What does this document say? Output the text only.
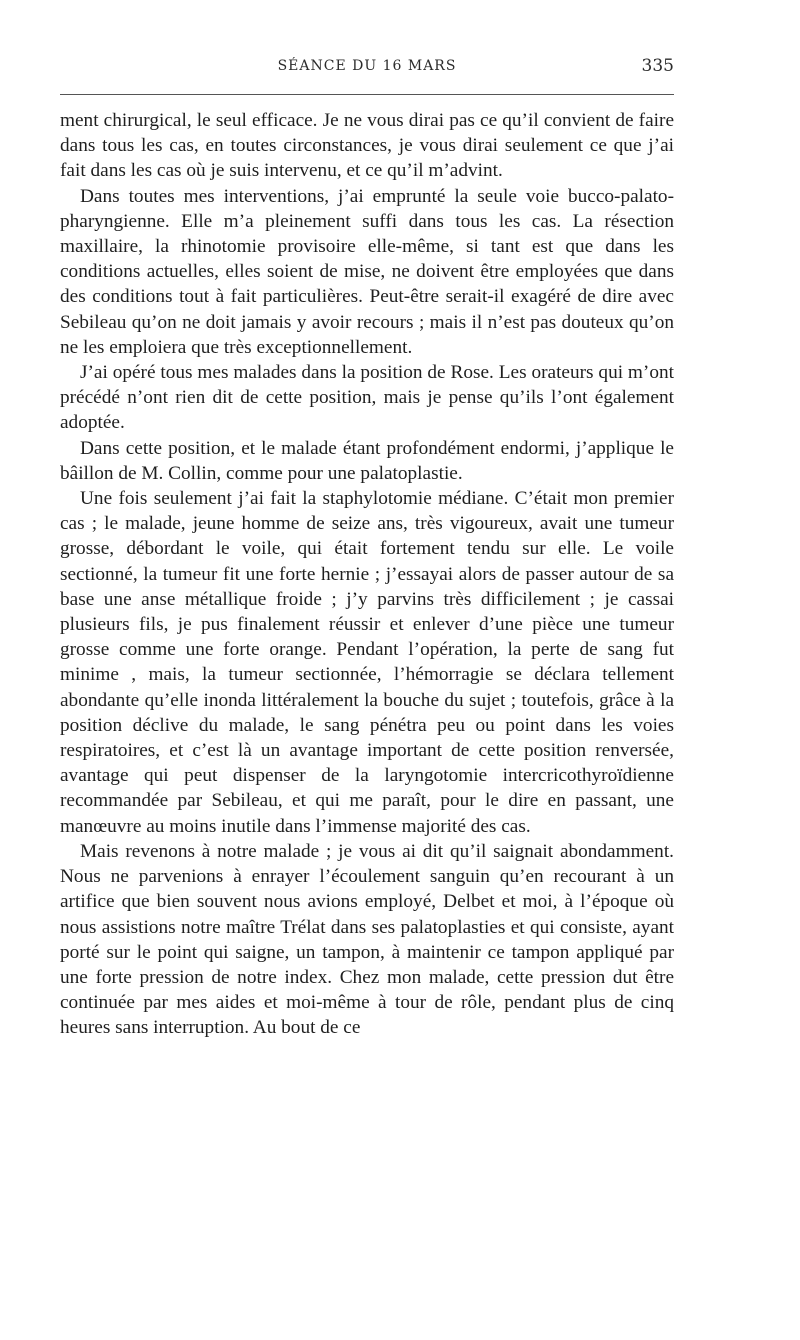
SÉANCE DU 16 MARS	335

ment chirurgical, le seul efficace. Je ne vous dirai pas ce qu’il convient de faire dans tous les cas, en toutes circonstances, je vous dirai seulement ce que j’ai fait dans les cas où je suis intervenu, et ce qu’il m’advint.

Dans toutes mes interventions, j’ai emprunté la seule voie bucco-palato-pharyngienne. Elle m’a pleinement suffi dans tous les cas. La résection maxillaire, la rhinotomie provisoire elle-même, si tant est que dans les conditions actuelles, elles soient de mise, ne doivent être employées que dans des conditions tout à fait particulières. Peut-être serait-il exagéré de dire avec Sebileau qu’on ne doit jamais y avoir recours ; mais il n’est pas douteux qu’on ne les emploiera que très exceptionnellement.

J’ai opéré tous mes malades dans la position de Rose. Les orateurs qui m’ont précédé n’ont rien dit de cette position, mais je pense qu’ils l’ont également adoptée.

Dans cette position, et le malade étant profondément endormi, j’applique le bâillon de M. Collin, comme pour une palatoplastie.

Une fois seulement j’ai fait la staphylotomie médiane. C’était mon premier cas ; le malade, jeune homme de seize ans, très vigoureux, avait une tumeur grosse, débordant le voile, qui était fortement tendu sur elle. Le voile sectionné, la tumeur fit une forte hernie ; j’essayai alors de passer autour de sa base une anse métallique froide ; j’y parvins très difficilement ; je cassai plusieurs fils, je pus finalement réussir et enlever d’une pièce une tumeur grosse comme une forte orange. Pendant l’opération, la perte de sang fut minime , mais, la tumeur sectionnée, l’hémorragie se déclara tellement abondante qu’elle inonda littéralement la bouche du sujet ; toutefois, grâce à la position déclive du malade, le sang pénétra peu ou point dans les voies respiratoires, et c’est là un avantage important de cette position renversée, avantage qui peut dispenser de la laryngotomie intercricothyroïdienne recommandée par Sebileau, et qui me paraît, pour le dire en passant, une manœuvre au moins inutile dans l’immense majorité des cas.

Mais revenons à notre malade ; je vous ai dit qu’il saignait abondamment. Nous ne parvenions à enrayer l’écoulement sanguin qu’en recourant à un artifice que bien souvent nous avions employé, Delbet et moi, à l’époque où nous assistions notre maître Trélat dans ses palatoplasties et qui consiste, ayant porté sur le point qui saigne, un tampon, à maintenir ce tampon appliqué par une forte pression de notre index. Chez mon malade, cette pression dut être continuée par mes aides et moi-même à tour de rôle, pendant plus de cinq heures sans interruption. Au bout de ce
